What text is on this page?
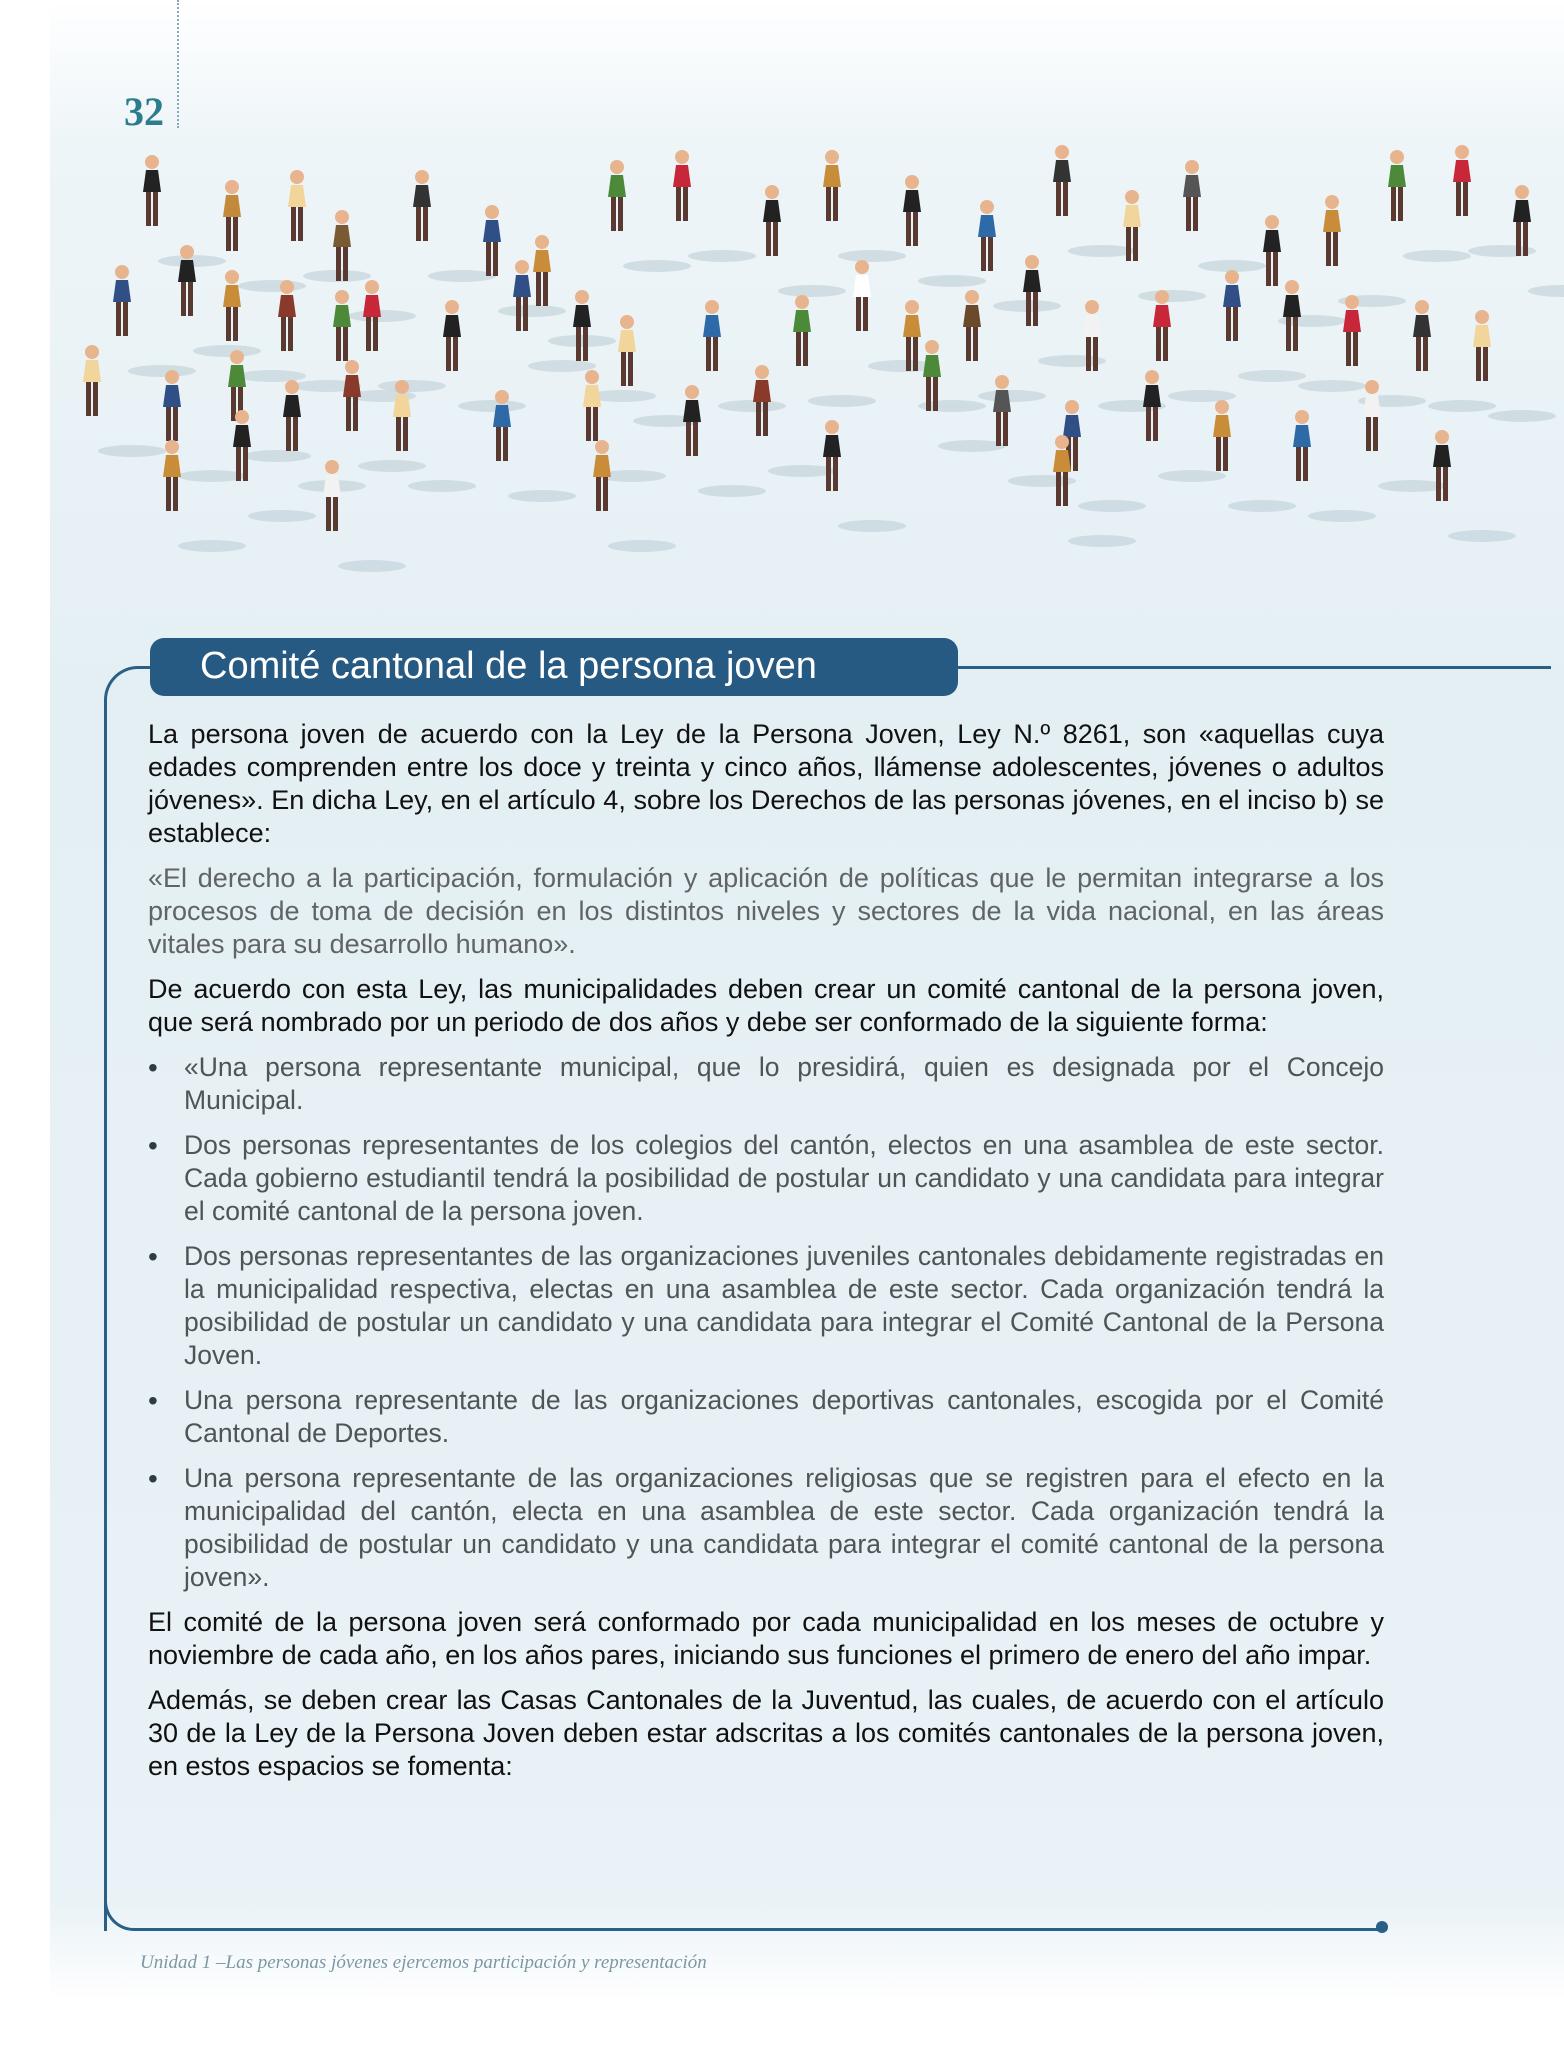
32
Comité cantonal de la persona joven

La persona joven de acuerdo con la Ley de la Persona Joven, Ley N.º 8261, son «aquellas cuya edades comprenden entre los doce y treinta y cinco años, llámense adolescentes, jóvenes o adultos jóvenes». En dicha Ley, en el artículo 4, sobre los Derechos de las personas jóvenes, en el inciso b) se establece:

«El derecho a la participación, formulación y aplicación de políticas que le permitan integrarse a los procesos de toma de decisión en los distintos niveles y sectores de la vida nacional, en las áreas vitales para su desarrollo humano».

De acuerdo con esta Ley, las municipalidades deben crear un comité cantonal de la persona joven, que será nombrado por un periodo de dos años y debe ser conformado de la siguiente forma:

• «Una persona representante municipal, que lo presidirá, quien es designada por el Concejo Municipal.
• Dos personas representantes de los colegios del cantón, electos en una asamblea de este sector. Cada gobierno estudiantil tendrá la posibilidad de postular un candidato y una candidata para integrar el comité cantonal de la persona joven.
• Dos personas representantes de las organizaciones juveniles cantonales debidamente registradas en la municipalidad respectiva, electas en una asamblea de este sector. Cada organización tendrá la posibilidad de postular un candidato y una candidata para integrar el Comité Cantonal de la Persona Joven.
• Una persona representante de las organizaciones deportivas cantonales, escogida por el Comité Cantonal de Deportes.
• Una persona representante de las organizaciones religiosas que se registren para el efecto en la municipalidad del cantón, electa en una asamblea de este sector. Cada organización tendrá la posibilidad de postular un candidato y una candidata para integrar el comité cantonal de la persona joven».

El comité de la persona joven será conformado por cada municipalidad en los meses de octubre y noviembre de cada año, en los años pares, iniciando sus funciones el primero de enero del año impar.

Además, se deben crear las Casas Cantonales de la Juventud, las cuales, de acuerdo con el artículo 30 de la Ley de la Persona Joven deben estar adscritas a los comités cantonales de la persona joven, en estos espacios se fomenta:

Unidad 1 –Las personas jóvenes ejercemos participación y representación
